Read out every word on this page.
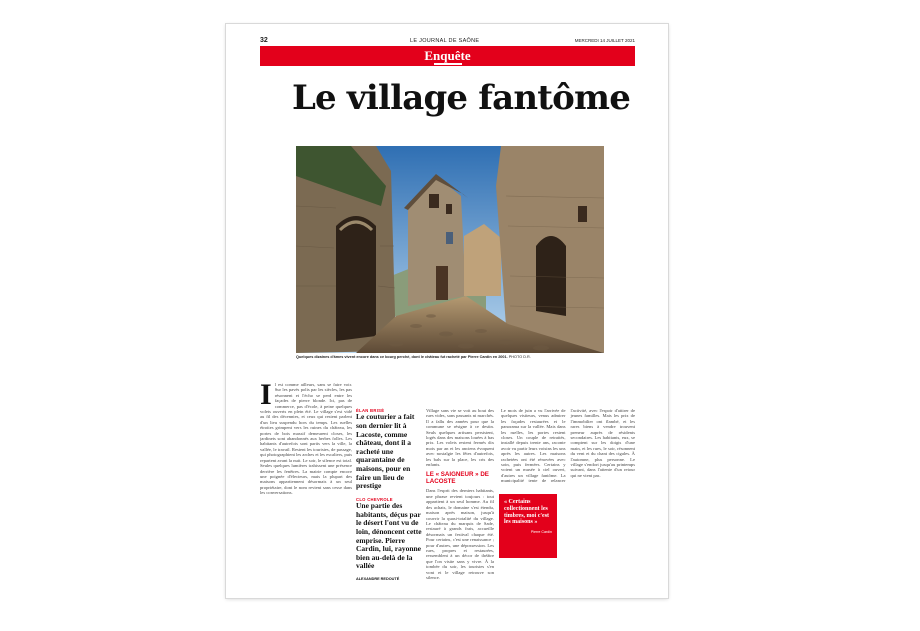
32	LE JOURNAL DE SAÔNE	MERCREDI 14 JUILLET 2021
Enquête
Le village fantôme
Quelques dizaines d'âmes vivent encore dans ce bourg perché, dont le château fut racheté par Pierre Cardin en 2001. PHOTO D.R.
I l est comme ailleurs, sans se faire voir. Sur les pavés polis par les siècles, les pas résonnent et l'écho se perd entre les façades de pierre blonde. Ici, pas de commerce, pas d'école, à peine quelques volets ouverts en plein été. Le village s'est vidé au fil des décennies, et ceux qui restent parlent d'un lieu suspendu hors du temps. Les ruelles étroites grimpent vers les ruines du château, les portes de bois massif demeurent closes, les jardinets sont abandonnés aux herbes folles. Les habitants d'autrefois sont partis vers la ville, la vallée, le travail. Restent les touristes, de passage, qui photographient les arches et les escaliers, puis repartent avant la nuit. Le soir, le silence est total. Seules quelques lumières trahissent une présence derrière les fenêtres. La mairie compte encore une poignée d'électeurs, mais la plupart des maisons appartiennent désormais à un seul propriétaire, dont le nom revient sans cesse dans les conversations.

ÉLAN BRISÉ
Le couturier a fait son dernier lit à Lacoste, comme château, dont il a racheté une quarantaine de maisons, pour en faire un lieu de prestige
CLO CHEVROLE
Une partie des habitants, déçus par le désert l'ont vu de loin, dénoncent cette emprise. Pierre Cardin, lui, rayonne bien au-delà de la vallée
ALEXANDRE REDOUTÉ

Village sans vie se voit au bout des rues vides, sans passants ni marchés. Il a fallu des années pour que la commune se résigne à ce destin. Seuls quelques artisans persistent, logés dans des maisons louées à bas prix. Les volets restent fermés dix mois par an et les anciens évoquent avec nostalgie les fêtes d'autrefois, les bals sur la place, les cris des enfants.

LE « SAIGNEUR » DE LACOSTE

Dans l'esprit des derniers habitants, une phrase revient toujours : tout appartient à un seul homme. Au fil des achats, le domaine s'est étendu, maison après maison, jusqu'à couvrir la quasi-totalité du village. Le château du marquis de Sade, restauré à grands frais, accueille désormais un festival chaque été. Pour certains, c'est une renaissance ; pour d'autres, une dépossession. Les rues, propres et restaurées, ressemblent à un décor de théâtre que l'on visite sans y vivre. À la tombée du soir, les touristes s'en vont et le village retrouve son silence.

Le mois de juin a vu l'arrivée de quelques visiteurs, venus admirer les façades restaurées et le panorama sur la vallée. Mais dans les ruelles, les portes restent closes. Un couple de retraités, installé depuis trente ans, raconte avoir vu partir leurs voisins les uns après les autres. Les maisons rachetées ont été rénovées avec soin, puis fermées. Certains y voient un musée à ciel ouvert, d'autres un village fantôme. La municipalité tente de relancer l'activité, avec l'espoir d'attirer de jeunes familles. Mais les prix de l'immobilier ont flambé, et les rares biens à vendre trouvent preneur auprès de résidents secondaires. Les habitants, eux, se comptent sur les doigts d'une main, et les rues, le soir, résonnent du vent et du chant des cigales. À l'automne, plus personne. Le village s'endort jusqu'au printemps suivant, dans l'attente d'un retour qui ne vient pas.

« Certains collectionnent les timbres, moi c'est les maisons »
Pierre Cardin
